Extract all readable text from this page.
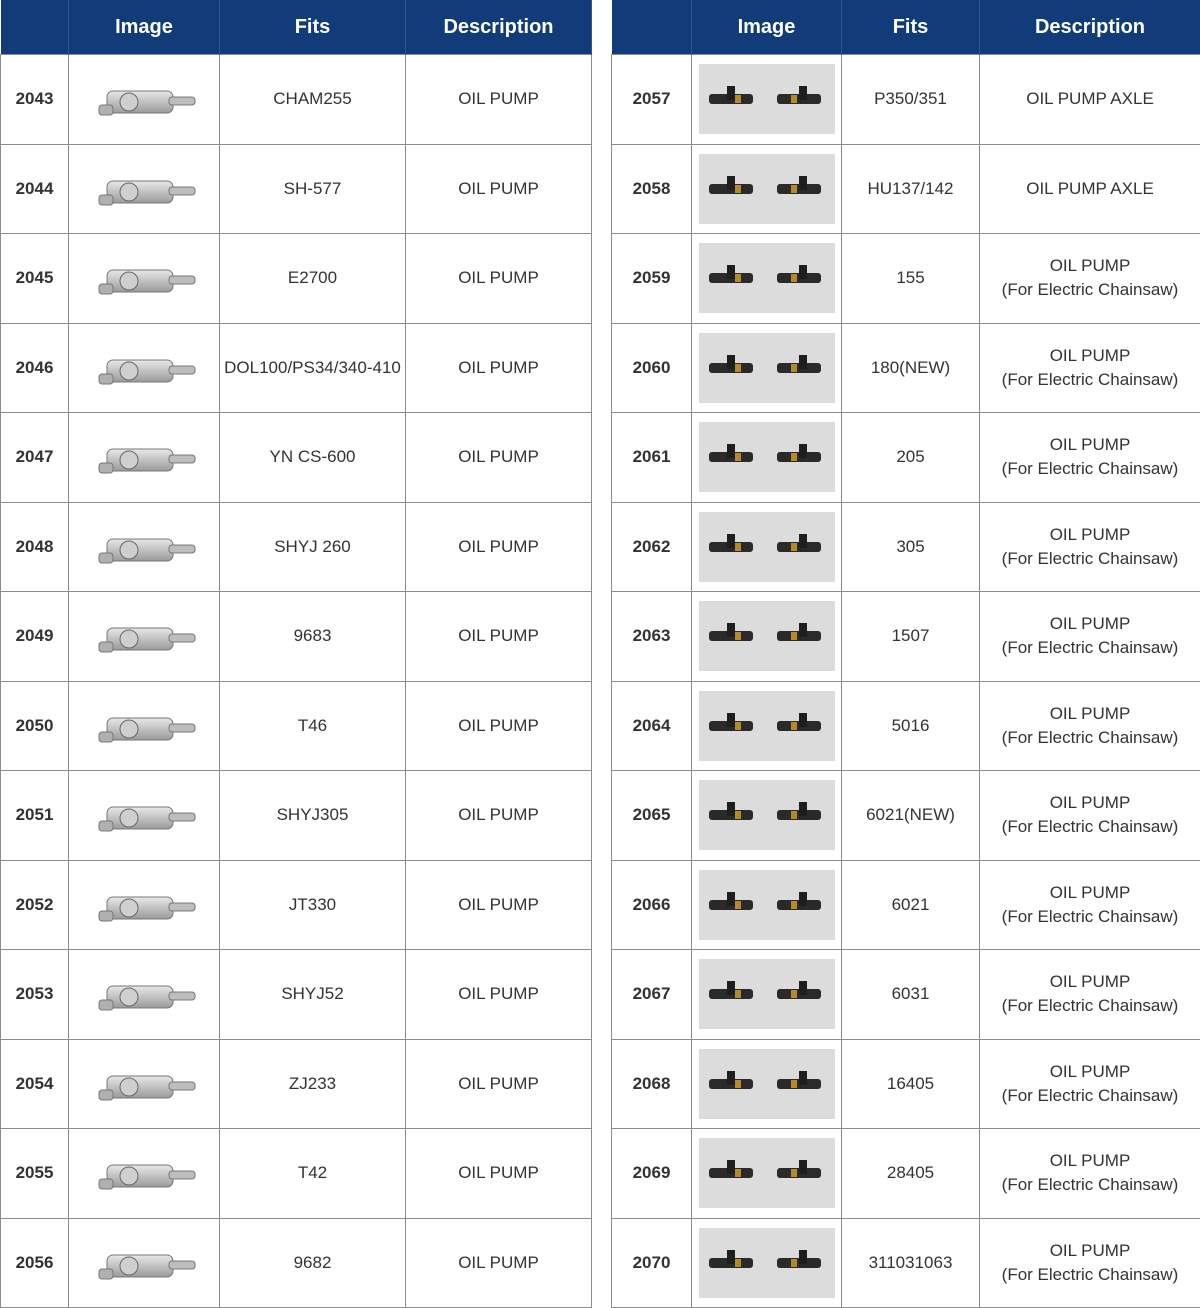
	Image	Fits	Description
2043		CHAM255	OIL PUMP
2044		SH-577	OIL PUMP
2045		E2700	OIL PUMP
2046		DOL100/PS34/340-410	OIL PUMP
2047		YN CS-600	OIL PUMP
2048		SHYJ 260	OIL PUMP
2049		9683	OIL PUMP
2050		T46	OIL PUMP
2051		SHYJ305	OIL PUMP
2052		JT330	OIL PUMP
2053		SHYJ52	OIL PUMP
2054		ZJ233	OIL PUMP
2055		T42	OIL PUMP
2056		9682	OIL PUMP
	Image	Fits	Description
2057		P350/351	OIL PUMP AXLE
2058		HU137/142	OIL PUMP AXLE
2059		155	OIL PUMP
(For Electric Chainsaw)

2060		180(NEW)	OIL PUMP
(For Electric Chainsaw)

2061		205	OIL PUMP
(For Electric Chainsaw)

2062		305	OIL PUMP
(For Electric Chainsaw)

2063		1507	OIL PUMP
(For Electric Chainsaw)

2064		5016	OIL PUMP
(For Electric Chainsaw)

2065		6021(NEW)	OIL PUMP
(For Electric Chainsaw)

2066		6021	OIL PUMP
(For Electric Chainsaw)

2067		6031	OIL PUMP
(For Electric Chainsaw)

2068		16405	OIL PUMP
(For Electric Chainsaw)

2069		28405	OIL PUMP
(For Electric Chainsaw)

2070		311031063	OIL PUMP
(For Electric Chainsaw)
